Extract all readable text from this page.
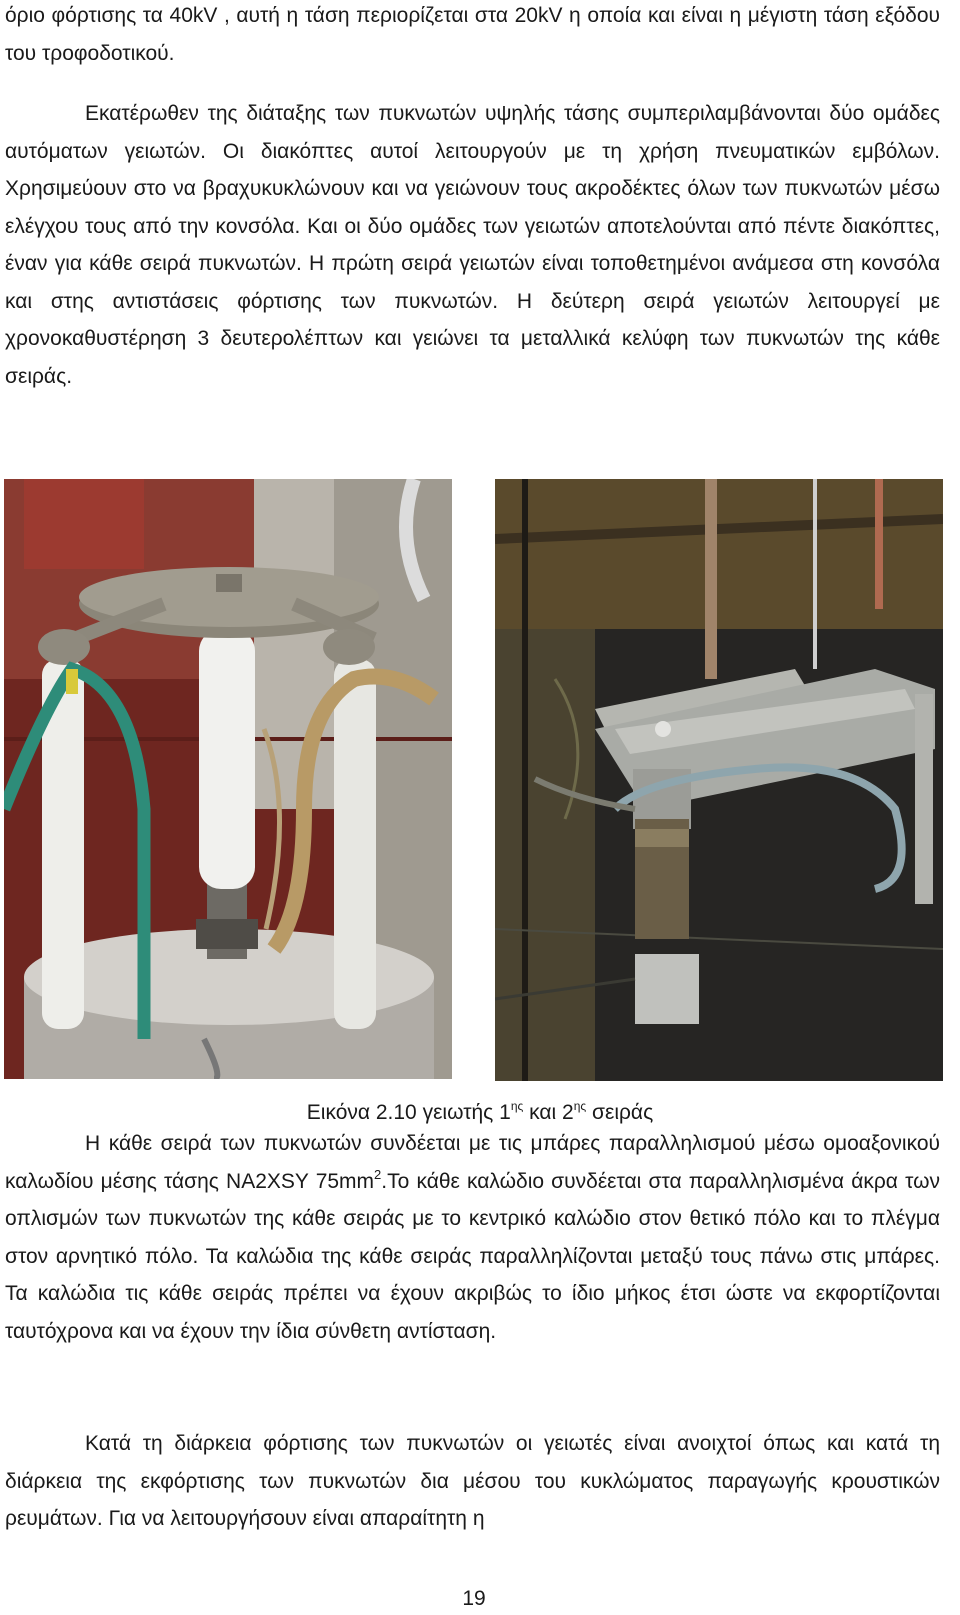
όριο φόρτισης τα 40kV , αυτή η τάση περιορίζεται στα 20kV η οποία και είναι η μέγιστη τάση εξόδου του τροφοδοτικού.

Εκατέρωθεν της διάταξης των πυκνωτών υψηλής τάσης συμπεριλαμβάνονται δύο ομάδες αυτόματων γειωτών. Οι διακόπτες αυτοί λειτουργούν με τη χρήση πνευματικών εμβόλων. Χρησιμεύουν στο να βραχυκυκλώνουν και να γειώνουν τους ακροδέκτες όλων των πυκνωτών μέσω ελέγχου τους από την κονσόλα. Και οι δύο ομάδες των γειωτών αποτελούνται από πέντε διακόπτες, έναν για κάθε σειρά πυκνωτών. Η πρώτη σειρά γειωτών είναι τοποθετημένοι ανάμεσα στη κονσόλα και στης αντιστάσεις φόρτισης των πυκνωτών. Η δεύτερη σειρά γειωτών λειτουργεί με χρονοκαθυστέρηση 3 δευτερολέπτων και γειώνει τα μεταλλικά κελύφη των πυκνωτών της κάθε σειράς.

Εικόνα 2.10 γειωτής $1^{\eta\varsigma}$ και $2^{\eta\varsigma}$ σειράς

Η κάθε σειρά των πυκνωτών συνδέεται με τις μπάρες παραλληλισμού μέσω ομοαξονικού καλωδίου μέσης τάσης ΝΑ2XSY $75mm^2.To$ κάθε καλώδιο συνδέεται στα παραλληλισμένα άκρα των οπλισμών των πυκνωτών της κάθε σειράς με το κεντρικό καλώδιο στον θετικό πόλο και το πλέγμα στον αρνητικό πόλο. Τα καλώδια της κάθε σειράς παραλληλίζονται μεταξύ τους πάνω στις μπάρες. Τα καλώδια τις κάθε σειράς πρέπει να έχουν ακριβώς το ίδιο μήκος έτσι ώστε να εκφορτίζονται ταυτόχρονα και να έχουν την ίδια σύνθετη αντίσταση.

Κατά τη διάρκεια φόρτισης των πυκνωτών οι γειωτές είναι ανοιχτοί όπως και κατά τη διάρκεια της εκφόρτισης των πυκνωτών δια μέσου του κυκλώματος παραγωγής κρουστικών ρευμάτων. Για να λειτουργήσουν είναι απαραίτητη η

19
